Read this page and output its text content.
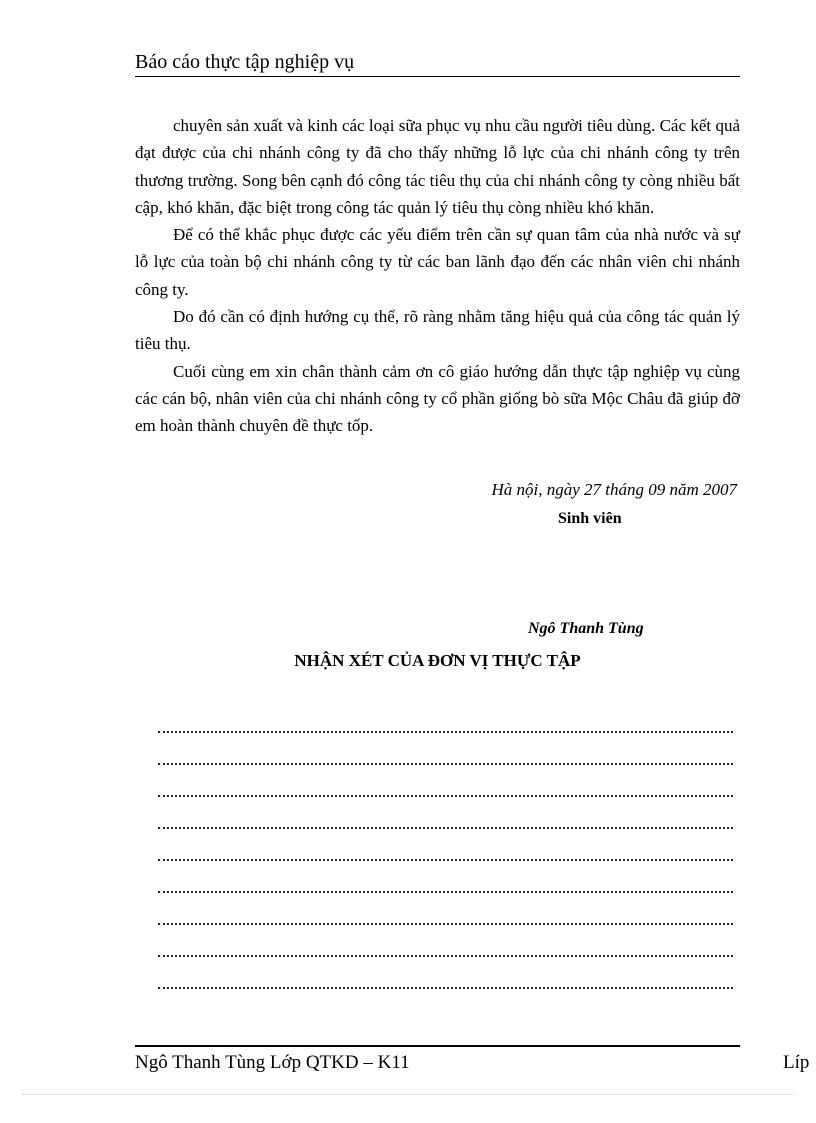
Báo cáo thực tập nghiệp vụ

chuyên sản xuất và kinh các loại sữa phục vụ nhu cầu người tiêu dùng. Các kết quả đạt được của chi nhánh công ty đã cho thấy những lỗ lực của chi nhánh công ty trên thương trường. Song bên cạnh đó công tác tiêu thụ của chi nhánh công ty còng nhiều bất cập, khó khăn, đặc biệt trong công tác quản lý tiêu thụ còng nhiều khó khăn.

Để có thể khắc phục được các yếu điểm trên cần sự quan tâm của nhà nước và sự lỗ lực của toàn bộ chi nhánh công ty từ các ban lãnh đạo đến các nhân viên chi nhánh công ty.

Do đó cần có định hướng cụ thể, rõ ràng nhằm tăng hiệu quả của công tác quản lý tiêu thụ.

Cuối cùng em xin chân thành cảm ơn cô giáo hướng dẫn thực tập nghiệp vụ cùng các cán bộ, nhân viên của chi nhánh công ty cổ phần giống bò sữa Mộc Châu đã giúp đỡ em hoàn thành chuyên đề thực tốp.

Hà nội, ngày 27 tháng 09 năm 2007
Sinh viên
Ngô Thanh Tùng
NHẬN XÉT CỦA ĐƠN VỊ THỰC TẬP
Ngô Thanh Tùng Lớp QTKD – K11	Líp
